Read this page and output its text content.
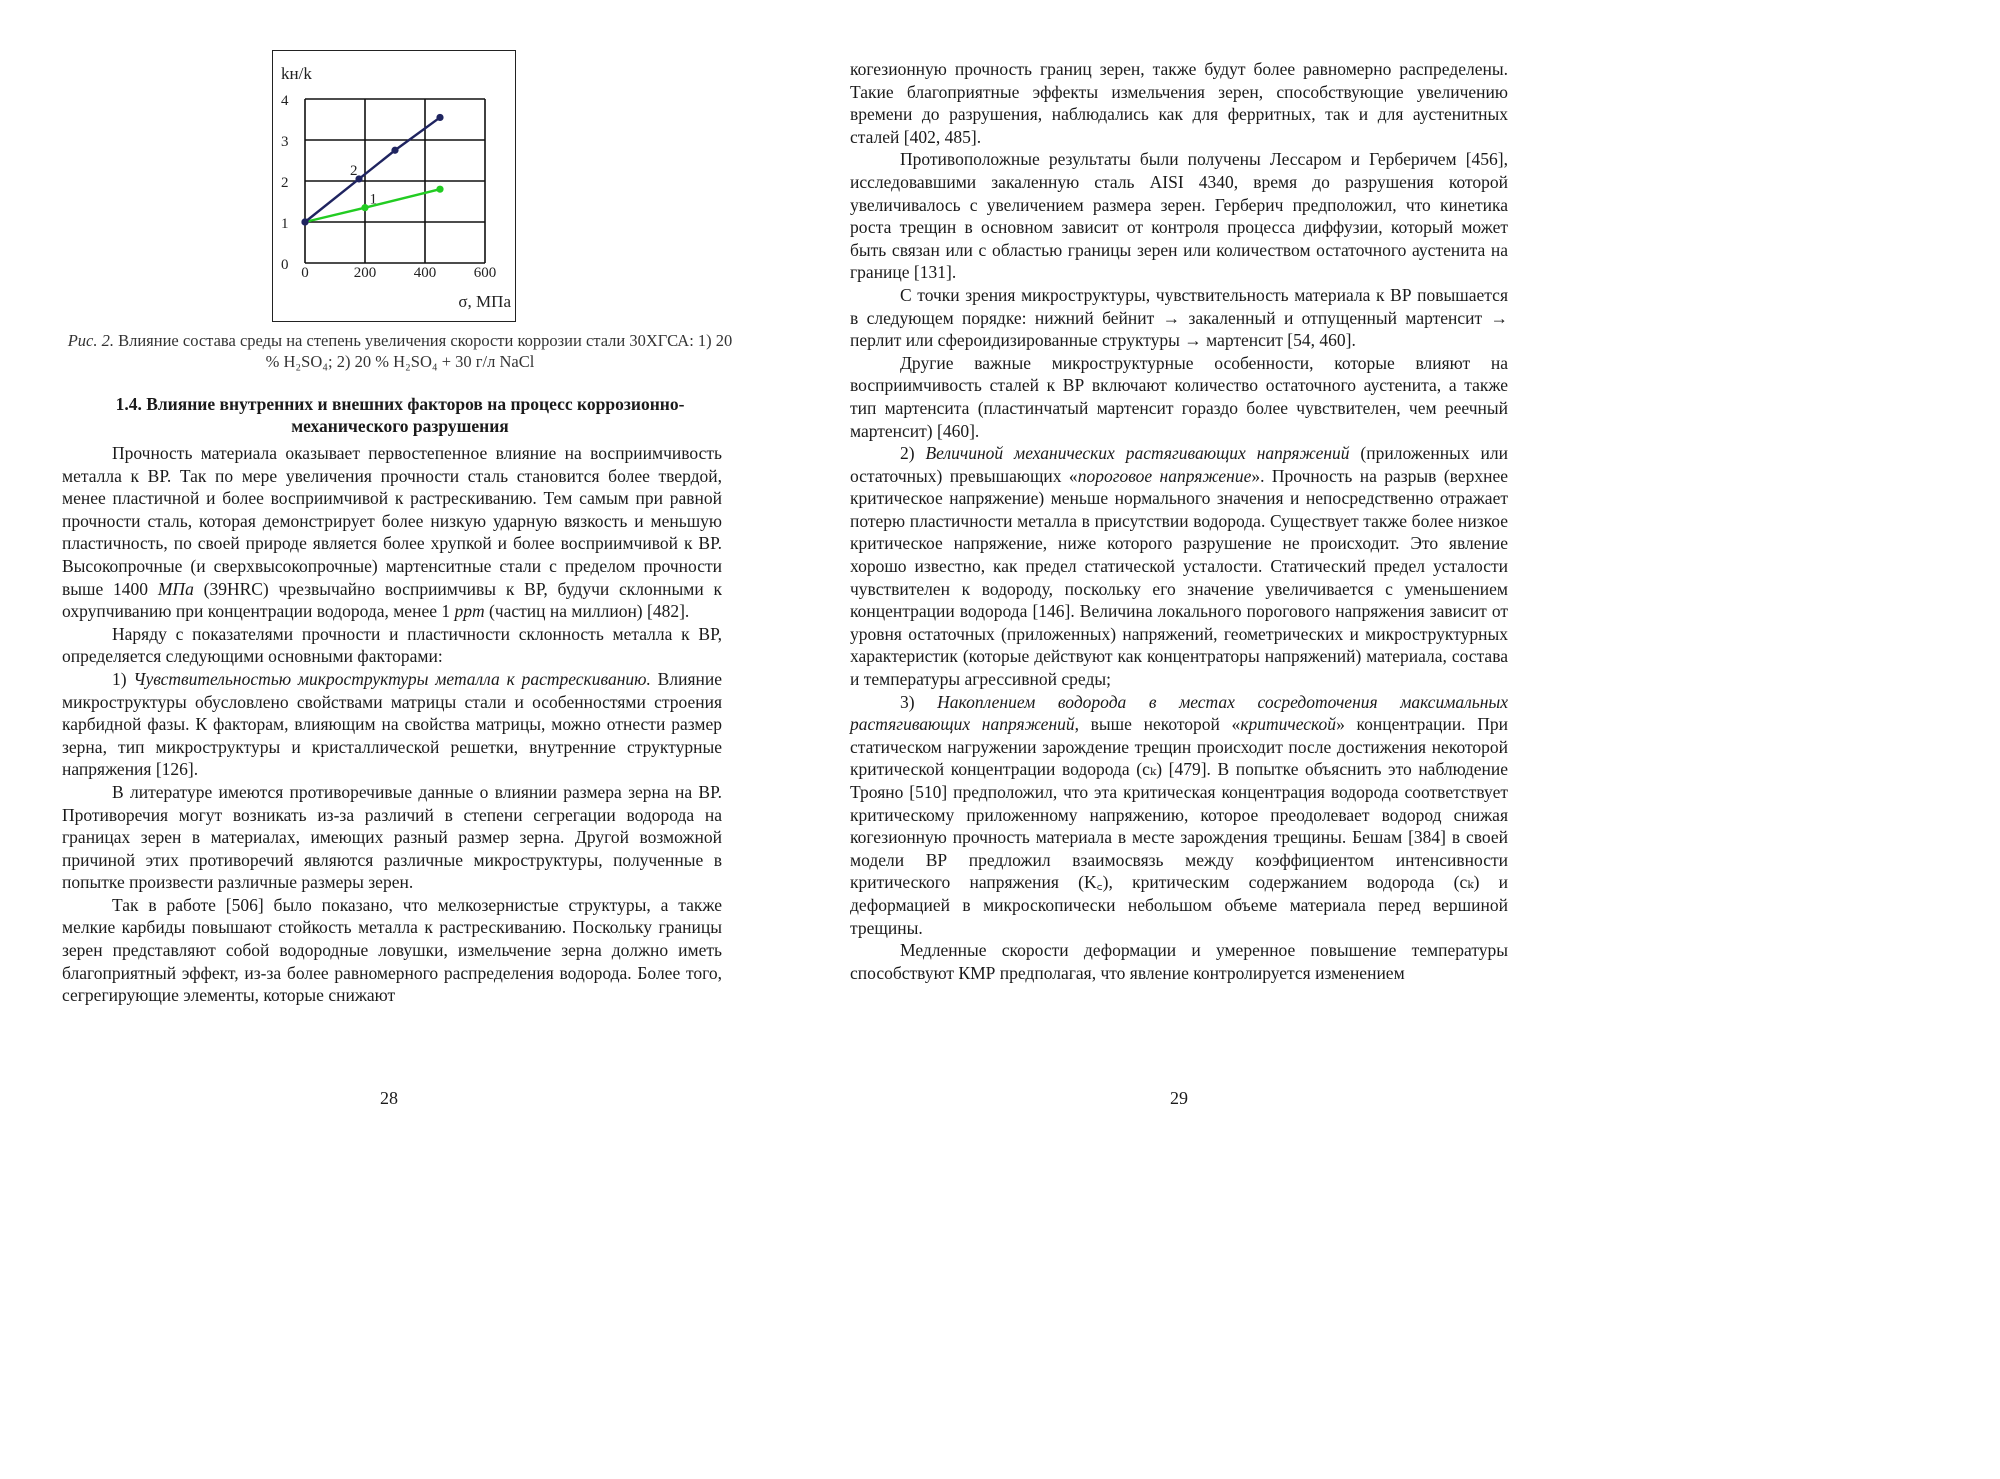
4
3
2
1
0 0	200	400	600
kн/k
σ, МПа
2
1
Рис. 2. Влияние состава среды на степень увеличения скорости коррозии стали 30ХГСА: 1) 20 % H₂SO₄; 2) 20 % H₂SO₄ + 30 г/л NaCl
1.4. Влияние внутренних и внешних факторов на процесс коррозионно-механического разрушения

Прочность материала оказывает первостепенное влияние на восприимчивость металла к ВР. Так по мере увеличения прочности сталь становится более твердой, менее пластичной и более восприимчивой к растрескиванию. Тем самым при равной прочности сталь, которая демонстрирует более низкую ударную вязкость и меньшую пластичность, по своей природе является более хрупкой и более восприимчивой к ВР. Высокопрочные (и сверхвысокопрочные) мартенситные стали с пределом прочности выше 1400 МПа (39HRC) чрезвычайно восприимчивы к ВР, будучи склонными к охрупчиванию при концентрации водорода, менее 1 ppm (частиц на миллион) [482].

Наряду с показателями прочности и пластичности склонность металла к ВР, определяется следующими основными факторами:

1) Чувствительностью микроструктуры металла к растрескиванию. Влияние микроструктуры обусловлено свойствами матрицы стали и особенностями строения карбидной фазы. К факторам, влияющим на свойства матрицы, можно отнести размер зерна, тип микроструктуры и кристаллической решетки, внутренние структурные напряжения [126].

В литературе имеются противоречивые данные о влиянии размера зерна на ВР. Противоречия могут возникать из-за различий в степени сегрегации водорода на границах зерен в материалах, имеющих разный размер зерна. Другой возможной причиной этих противоречий являются различные микроструктуры, полученные в попытке произвести различные размеры зерен.

Так в работе [506] было показано, что мелкозернистые структуры, а также мелкие карбиды повышают стойкость металла к растрескиванию. Поскольку границы зерен представляют собой водородные ловушки, измельчение зерна должно иметь благоприятный эффект, из-за более равномерного распределения водорода. Более того, сегрегирующие элементы, которые снижают

28

когезионную прочность границ зерен, также будут более равномерно распределены. Такие благоприятные эффекты измельчения зерен, способствующие увеличению времени до разрушения, наблюдались как для ферритных, так и для аустенитных сталей [402, 485].

Противоположные результаты были получены Лессаром и Герберичем [456], исследовавшими закаленную сталь AISI 4340, время до разрушения которой увеличивалось с увеличением размера зерен. Герберич предположил, что кинетика роста трещин в основном зависит от контроля процесса диффузии, который может быть связан или с областью границы зерен или количеством остаточного аустенита на границе [131].

С точки зрения микроструктуры, чувствительность материала к ВР повышается в следующем порядке: нижний бейнит → закаленный и отпущенный мартенсит → перлит или сфероидизированные структуры → мартенсит [54, 460].

Другие важные микроструктурные особенности, которые влияют на восприимчивость сталей к ВР включают количество остаточного аустенита, а также тип мартенсита (пластинчатый мартенсит гораздо более чувствителен, чем реечный мартенсит) [460].

2) Величиной механических растягивающих напряжений (приложенных или остаточных) превышающих «пороговое напряжение». Прочность на разрыв (верхнее критическое напряжение) меньше нормального значения и непосредственно отражает потерю пластичности металла в присутствии водорода. Существует также более низкое критическое напряжение, ниже которого разрушение не происходит. Это явление хорошо известно, как предел статической усталости. Статический предел усталости чувствителен к водороду, поскольку его значение увеличивается с уменьшением концентрации водорода [146]. Величина локального порогового напряжения зависит от уровня остаточных (приложенных) напряжений, геометрических и микроструктурных характеристик (которые действуют как концентраторы напряжений) материала, состава и температуры агрессивной среды;

3) Накоплением водорода в местах сосредоточения максимальных растягивающих напряжений, выше некоторой «критической» концентрации. При статическом нагружении зарождение трещин происходит после достижения некоторой критической концентрации водорода (cₖ) [479]. В попытке объяснить это наблюдение Трояно [510] предположил, что эта критическая концентрация водорода соответствует критическому приложенному напряжению, которое преодолевает водород снижая когезионную прочность материала в месте зарождения трещины. Бешам [384] в своей модели ВР предложил взаимосвязь между коэффициентом интенсивности критического напряжения (K꜀), критическим содержанием водорода (cₖ) и деформацией в микроскопически небольшом объеме материала перед вершиной трещины.

Медленные скорости деформации и умеренное повышение температуры способствуют КМР предполагая, что явление контролируется изменением

29
